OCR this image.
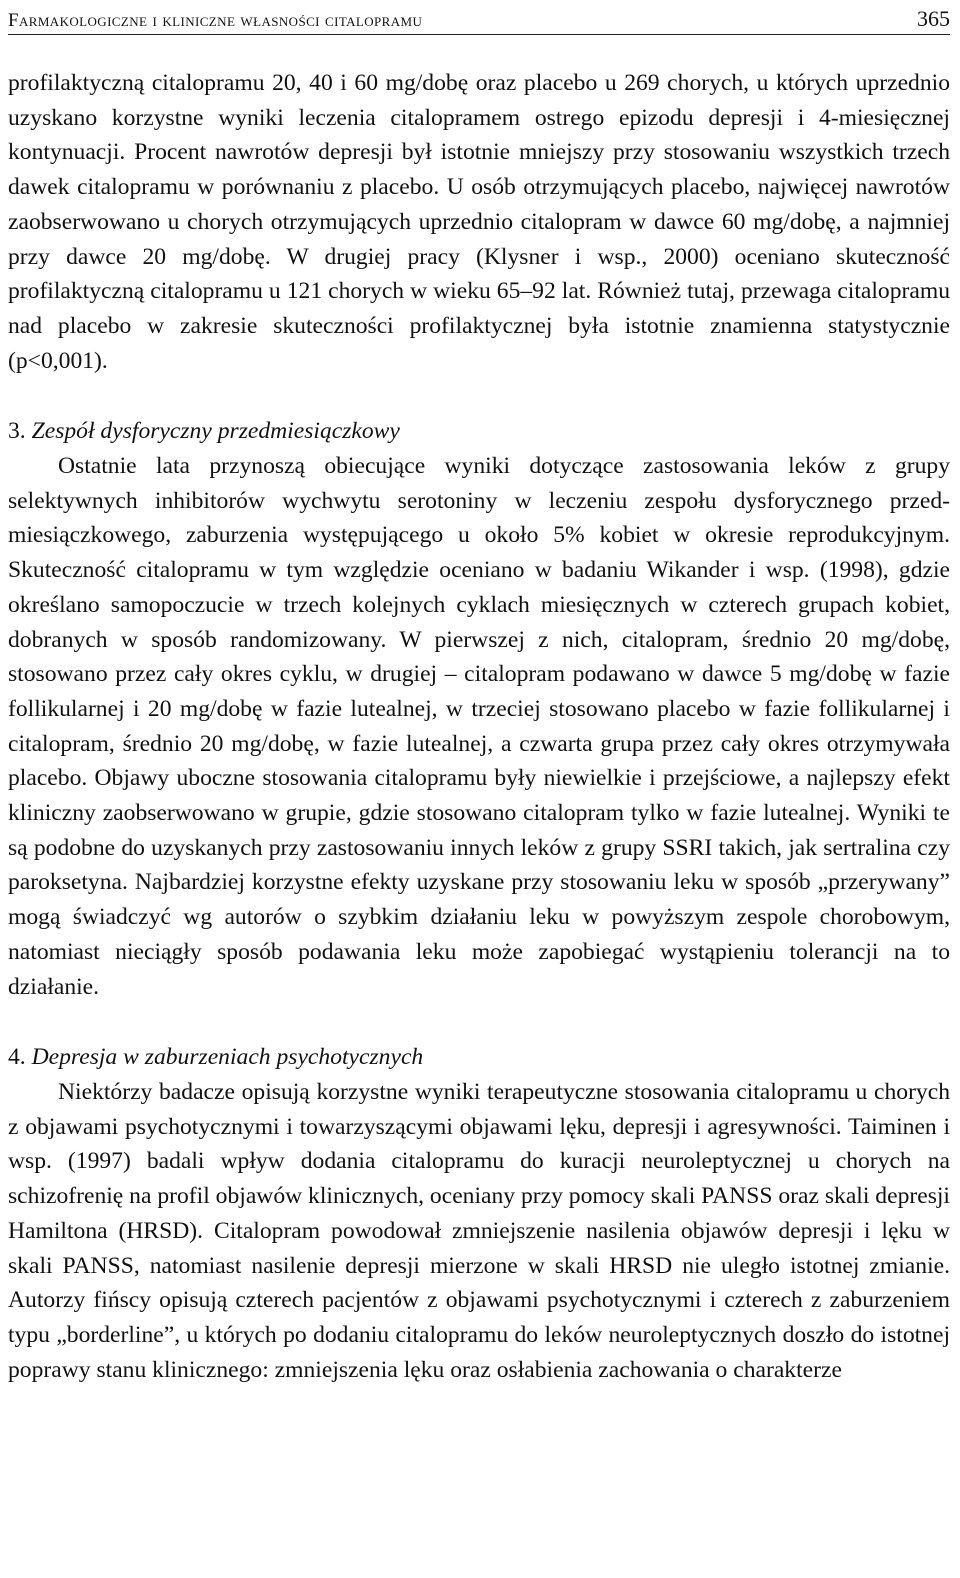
Farmakologiczne i kliniczne własności citalopramu	365

profilaktyczną citalopramu 20, 40 i 60 mg/dobę oraz placebo u 269 chorych, u których uprzednio uzyskano korzystne wyniki leczenia citalopramem ostrego epizodu depresji i 4-miesięcznej kontynuacji. Procent nawrotów depresji był istotnie mniejszy przy stosowaniu wszystkich trzech dawek citalopramu w porównaniu z placebo. U osób otrzymujących placebo, najwięcej nawrotów zaobserwowano u chorych otrzymujących uprzednio citalopram w dawce 60 mg/dobę, a najmniej przy dawce 20 mg/dobę. W drugiej pracy (Klysner i wsp., 2000) oceniano skuteczność profilaktyczną citalopramu u 121 chorych w wieku 65–92 lat. Również tutaj, przewaga citalopramu nad placebo w zakresie skuteczności profilaktycznej była istotnie znamienna statystycznie (p<0,001).

3. Zespół dysforyczny przedmiesiączkowy

Ostatnie lata przynoszą obiecujące wyniki dotyczące zastosowania leków z grupy selektywnych inhibitorów wychwytu serotoniny w leczeniu zespołu dysforycznego przed-miesiączkowego, zaburzenia występującego u około 5% kobiet w okresie reprodukcyjnym. Skuteczność citalopramu w tym względzie oceniano w badaniu Wikander i wsp. (1998), gdzie określano samopoczucie w trzech kolejnych cyklach miesięcznych w czterech grupach kobiet, dobranych w sposób randomizowany. W pierwszej z nich, citalopram, średnio 20 mg/dobę, stosowano przez cały okres cyklu, w drugiej – citalopram podawano w dawce 5 mg/dobę w fazie follikularnej i 20 mg/dobę w fazie lutealnej, w trzeciej stosowano placebo w fazie follikularnej i citalopram, średnio 20 mg/dobę, w fazie lutealnej, a czwarta grupa przez cały okres otrzymywała placebo. Objawy uboczne stosowania citalopramu były niewielkie i przejściowe, a najlepszy efekt kliniczny zaobserwowano w grupie, gdzie stosowano citalopram tylko w fazie lutealnej. Wyniki te są podobne do uzyskanych przy zastosowaniu innych leków z grupy SSRI takich, jak sertralina czy paroksetyna. Najbardziej korzystne efekty uzyskane przy stosowaniu leku w sposób „przerywany” mogą świadczyć wg autorów o szybkim działaniu leku w powyższym zespole chorobowym, natomiast nieciągły sposób podawania leku może zapobiegać wystąpieniu tolerancji na to działanie.

4. Depresja w zaburzeniach psychotycznych

Niektórzy badacze opisują korzystne wyniki terapeutyczne stosowania citalopramu u chorych z objawami psychotycznymi i towarzyszącymi objawami lęku, depresji i agresywności. Taiminen i wsp. (1997) badali wpływ dodania citalopramu do kuracji neuroleptycznej u chorych na schizofrenię na profil objawów klinicznych, oceniany przy pomocy skali PANSS oraz skali depresji Hamiltona (HRSD). Citalopram powodował zmniejszenie nasilenia objawów depresji i lęku w skali PANSS, natomiast nasilenie depresji mierzone w skali HRSD nie uległo istotnej zmianie. Autorzy fińscy opisują czterech pacjentów z objawami psychotycznymi i czterech z zaburzeniem typu „borderline”, u których po dodaniu citalopramu do leków neuroleptycznych doszło do istotnej poprawy stanu klinicznego: zmniejszenia lęku oraz osłabienia zachowania o charakterze
